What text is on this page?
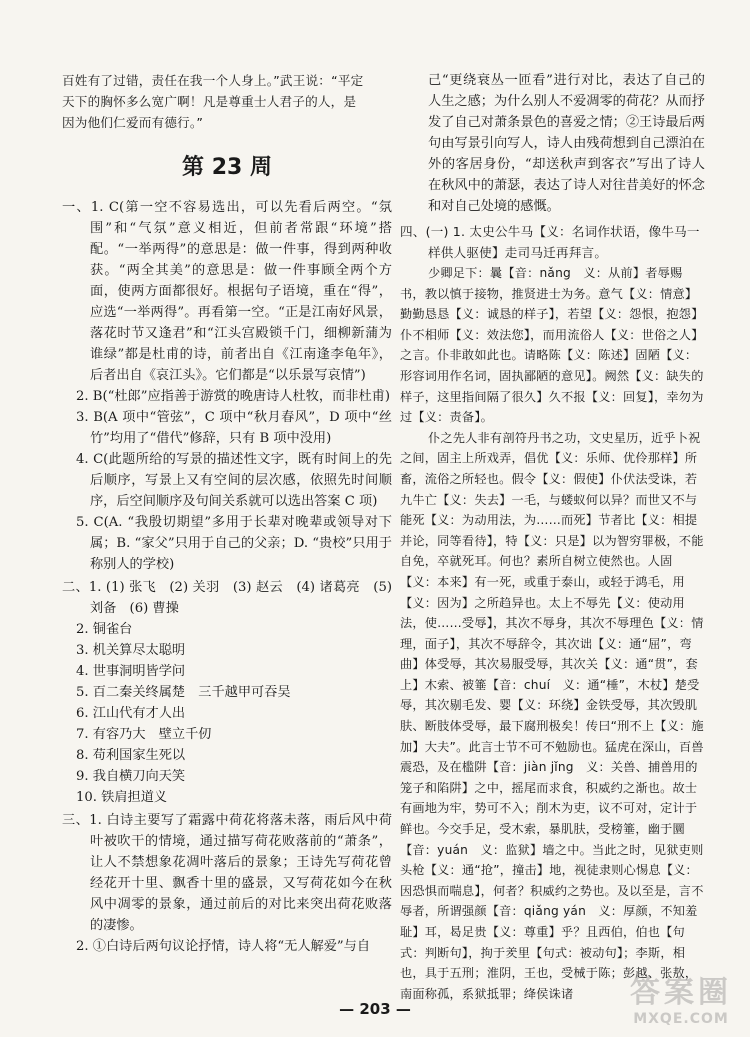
百姓有了过错，责任在我一个人身上。”武王说：“平定

天下的胸怀多么宽广啊！凡是尊重士人君子的人，是

因为他们仁爱而有德行。”

第 23 周

一、1. C(第一空不容易选出，可以先看后两空。“氛围”和“气氛”意义相近，但前者常跟“环境”搭配。“一举两得”的意思是：做一件事，得到两种收获。“两全其美”的意思是：做一件事顾全两个方面，使两方面都很好。根据句子语境，重在“得”，应选“一举两得”。再看第一空。“正是江南好风景，落花时节又逢君”和“江头宫殿锁千门，细柳新蒲为谁绿”都是杜甫的诗，前者出自《江南逢李龟年》，后者出自《哀江头》。它们都是“以乐景写哀情”)

2. B(“杜郎”应指善于游赏的晚唐诗人杜牧，而非杜甫)

3. B(A 项中“管弦”，C 项中“秋月春风”，D 项中“丝竹”均用了“借代”修辞，只有 B 项中没用)

4. C(此题所给的写景的描述性文字，既有时间上的先后顺序，写景上又有空间的层次感，依照先时间顺序，后空间顺序及句间关系就可以选出答案 C 项)

5. C(A. “我殷切期望”多用于长辈对晚辈或领导对下属；B. “家父”只用于自己的父亲；D. “贵校”只用于称别人的学校)

二、1. (1) 张飞　(2) 关羽　(3) 赵云　(4) 诸葛亮　(5) 刘备　(6) 曹操

2. 铜雀台

3. 机关算尽太聪明

4. 世事洞明皆学问

5. 百二秦关终属楚　三千越甲可吞吴

6. 江山代有才人出

7. 有容乃大　壁立千仞

8. 苟利国家生死以

9. 我自横刀向天笑

10. 铁肩担道义

三、1. 白诗主要写了霜露中荷花将落未落，雨后风中荷叶被吹干的情境，通过描写荷花败落前的“萧条”，让人不禁想象花凋叶落后的景象；王诗先写荷花曾经花开十里、飘香十里的盛景，又写荷花如今在秋风中凋零的景象，通过前后的对比来突出荷花败落的凄惨。

2. ①白诗后两句议论抒情，诗人将“无人解爱”与自

己“更绕衰丛一匝看”进行对比，表达了自己的人生之感；为什么别人不爱凋零的荷花？从而抒发了自己对萧条景色的喜爱之情；②王诗最后两句由写景引向写人，诗人由残荷想到自己漂泊在外的客居身份，“却送秋声到客衣”写出了诗人在秋风中的萧瑟，表达了诗人对往昔美好的怀念和对自己处境的感慨。

四、(一) 1. 太史公牛马【义：名词作状语，像牛马一样供人驱使】走司马迁再拜言。

少卿足下：曩【音：nǎng　义：从前】者辱赐书，教以慎于接物，推贤进士为务。意气【义：情意】勤勤恳恳【义：诚恳的样子】，若望【义：怨恨，抱怨】仆不相师【义：效法您】，而用流俗人【义：世俗之人】之言。仆非敢如此也。请略陈【义：陈述】固陋【义：形容词用作名词，固执鄙陋的意见】。阙然【义：缺失的样子，这里指间隔了很久】久不报【义：回复】，幸勿为过【义：责备】。

仆之先人非有剖符丹书之功，文史星历，近乎卜祝之间，固主上所戏弄，倡优【义：乐师、优伶那样】所畜，流俗之所轻也。假令【义：假使】仆伏法受诛，若九牛亡【义：失去】一毛，与蝼蚁何以异？而世又不与能死【义：为动用法，为……而死】节者比【义：相提并论，同等看待】，特【义：只是】以为智穷罪极，不能自免，卒就死耳。何也？素所自树立使然也。人固【义：本来】有一死，或重于泰山，或轻于鸿毛，用【义：因为】之所趋异也。太上不辱先【义：使动用法，使……受辱】，其次不辱身，其次不辱理色【义：情理，面子】，其次不辱辞令，其次诎【义：通“屈”，弯曲】体受辱，其次易服受辱，其次关【义：通“贯”，套上】木索、被箠【音：chuí　义：通“棰”，木杖】楚受辱，其次剔毛发、婴【义：环绕】金铁受辱，其次毁肌肤、断肢体受辱，最下腐刑极矣！传曰“刑不上【义：施加】大夫”。此言士节不可不勉励也。猛虎在深山，百兽震恐，及在槛阱【音：jiàn jǐng　义：关兽、捕兽用的笼子和陷阱】之中，摇尾而求食，积威约之渐也。故士有画地为牢，势可不入；削木为吏，议不可对，定计于鲜也。今交手足，受木索，暴肌肤，受榜箠，幽于圜【音：yuán　义：监狱】墙之中。当此之时，见狱吏则头枪【义：通“抢”，撞击】地，视徒隶则心惕息【义：因恐惧而喘息】，何者？积威约之势也。及以至是，言不辱者，所谓强颜【音：qiǎng yán　义：厚颜，不知羞耻】耳，曷足贵【义：尊重】乎？且西伯，伯也【句式：判断句】，拘于羑里【句式：被动句】；李斯，相也，具于五刑；淮阴，王也，受械于陈；彭越、张敖，南面称孤，系狱抵罪；绛侯诛诸

— 203 —	答案圈
MXQE.COM
